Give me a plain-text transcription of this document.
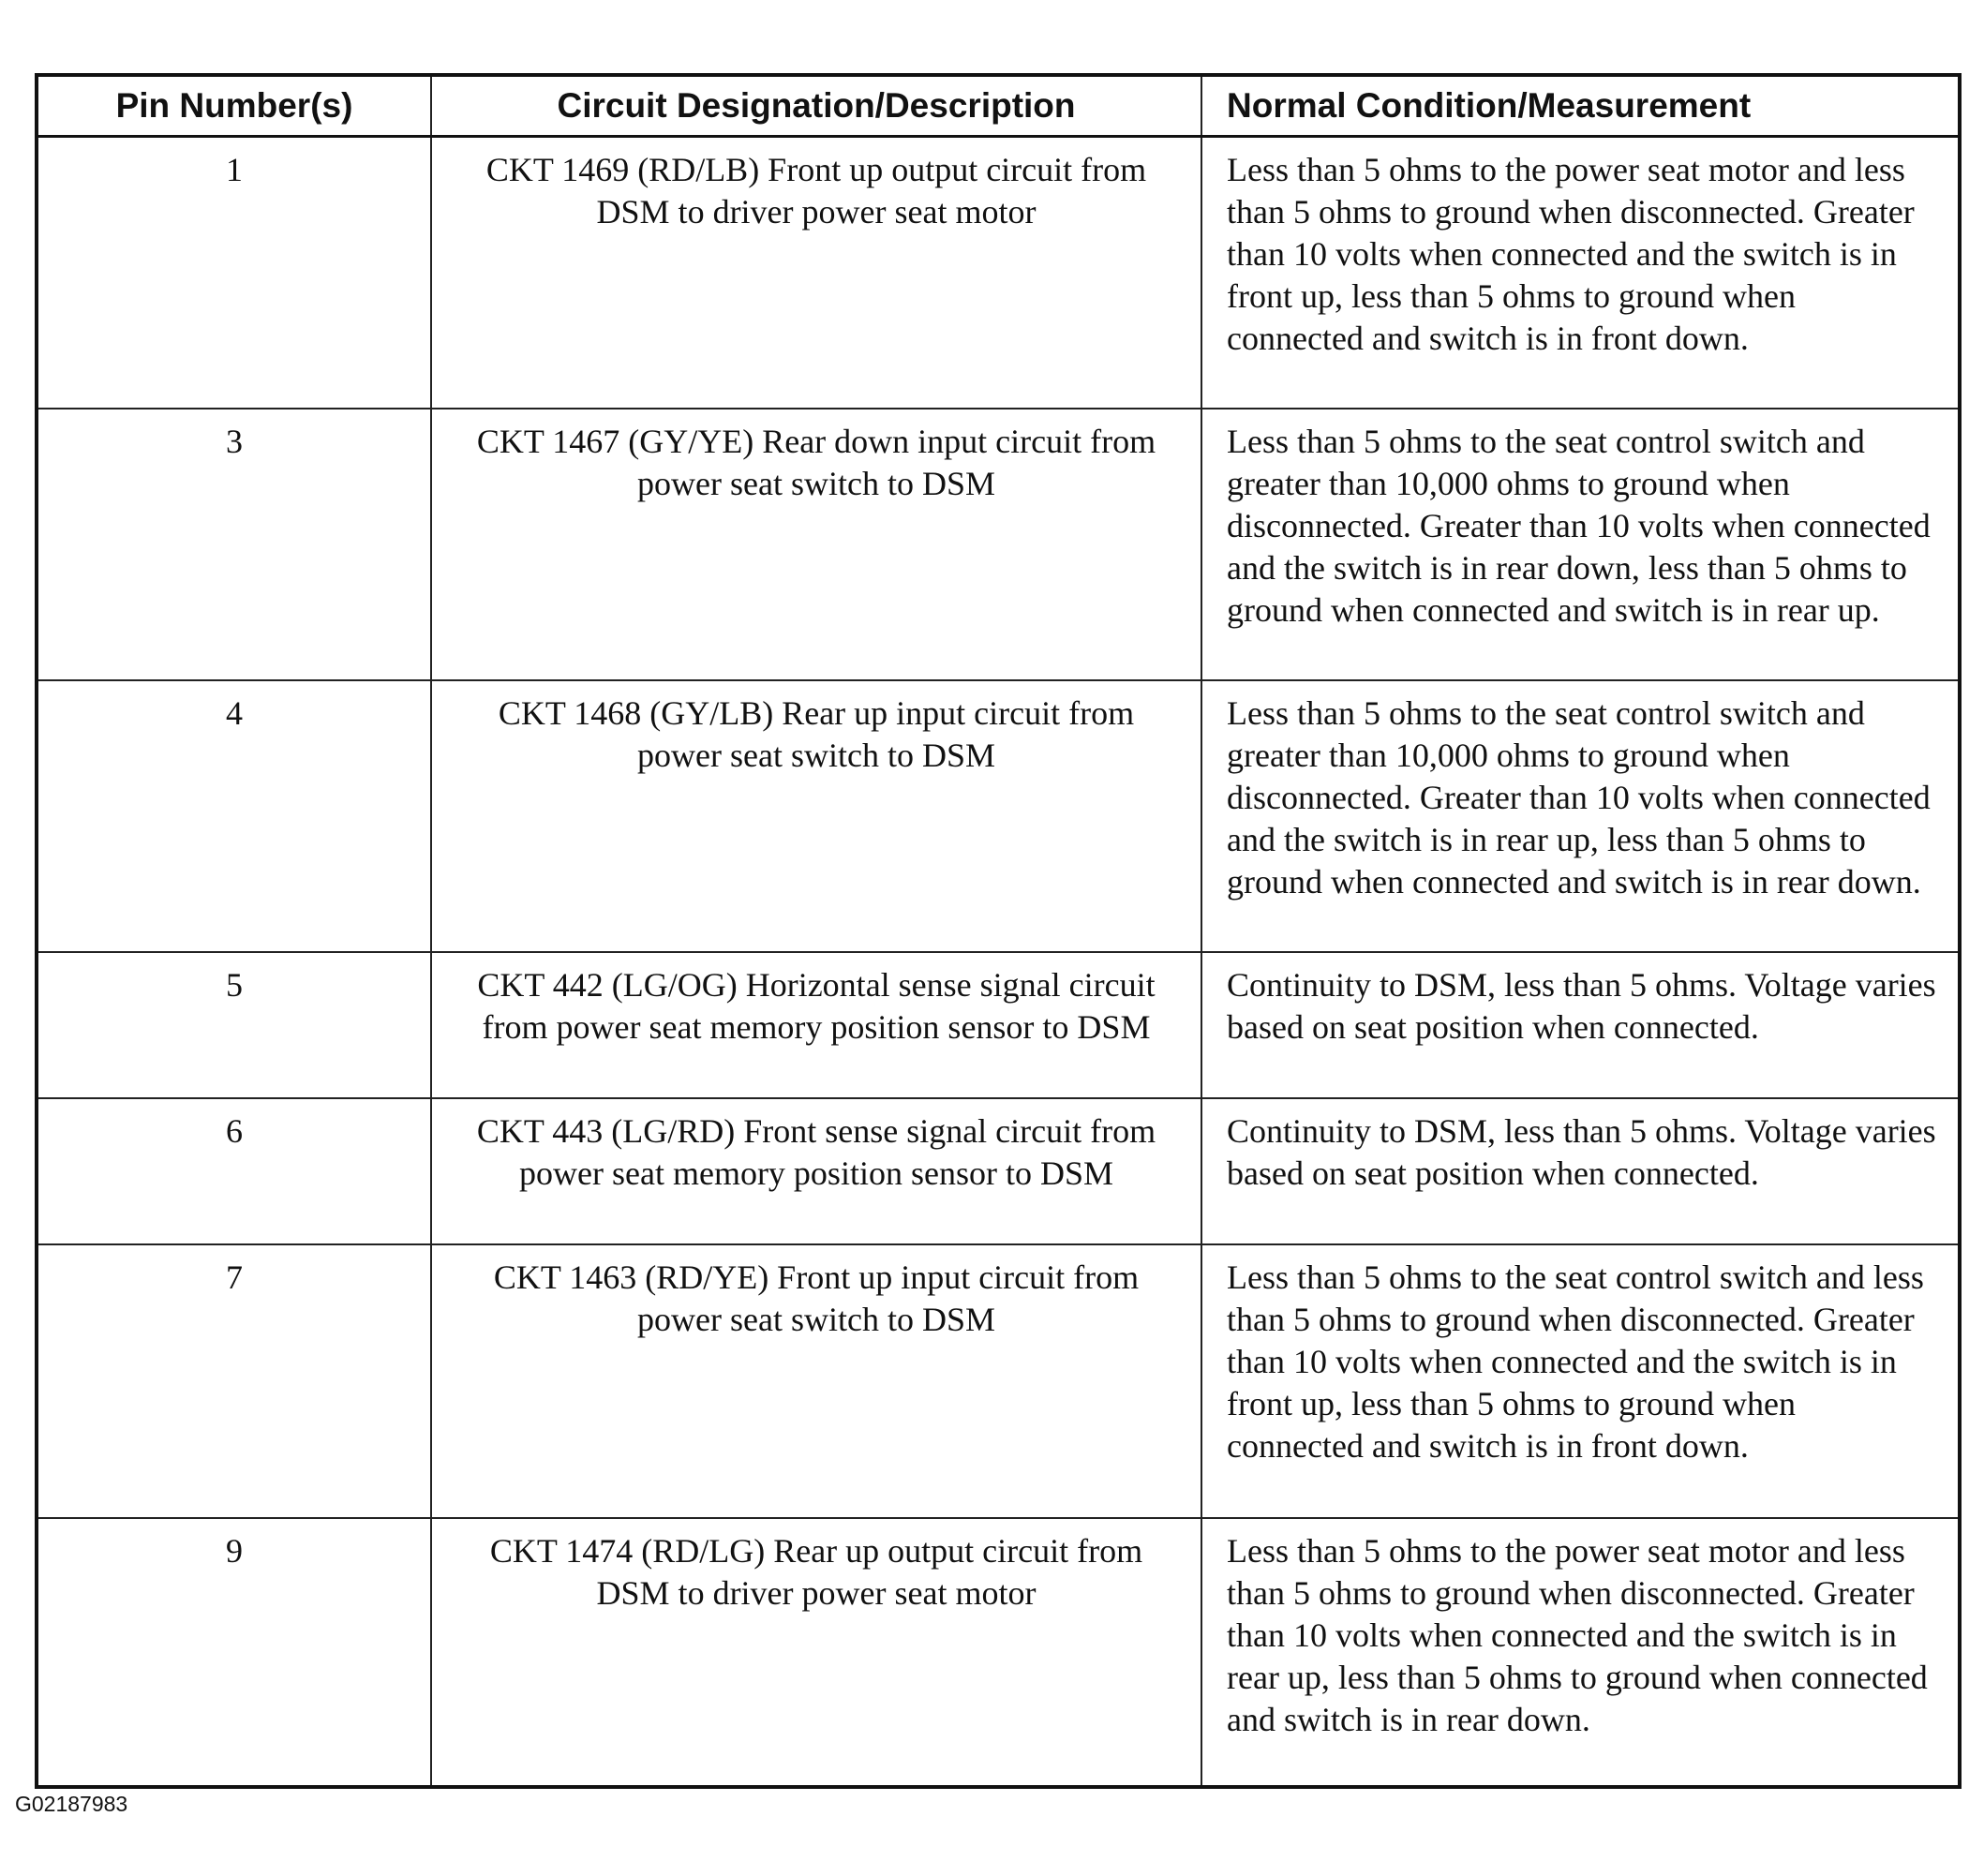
Pin Number(s)	Circuit Designation/Description	Normal Condition/Measurement
1	CKT 1469 (RD/LB) Front up output circuit from DSM to driver power seat motor	Less than 5 ohms to the power seat motor and less than 5 ohms to ground when disconnected. Greater than 10 volts when connected and the switch is in front up, less than 5 ohms to ground when connected and switch is in front down.
3	CKT 1467 (GY/YE) Rear down input circuit from power seat switch to DSM	Less than 5 ohms to the seat control switch and greater than 10,000 ohms to ground when disconnected. Greater than 10 volts when connected and the switch is in rear down, less than 5 ohms to ground when connected and switch is in rear up.
4	CKT 1468 (GY/LB) Rear up input circuit from power seat switch to DSM	Less than 5 ohms to the seat control switch and greater than 10,000 ohms to ground when disconnected. Greater than 10 volts when connected and the switch is in rear up, less than 5 ohms to ground when connected and switch is in rear down.
5	CKT 442 (LG/OG) Horizontal sense signal circuit from power seat memory position sensor to DSM	Continuity to DSM, less than 5 ohms. Voltage varies based on seat position when connected.
6	CKT 443 (LG/RD) Front sense signal circuit from power seat memory position sensor to DSM	Continuity to DSM, less than 5 ohms. Voltage varies based on seat position when connected.
7	CKT 1463 (RD/YE) Front up input circuit from power seat switch to DSM	Less than 5 ohms to the seat control switch and less than 5 ohms to ground when disconnected. Greater than 10 volts when connected and the switch is in front up, less than 5 ohms to ground when connected and switch is in front down.
9	CKT 1474 (RD/LG) Rear up output circuit from DSM to driver power seat motor	Less than 5 ohms to the power seat motor and less than 5 ohms to ground when disconnected. Greater than 10 volts when connected and the switch is in rear up, less than 5 ohms to ground when connected and switch is in rear down.
G02187983
